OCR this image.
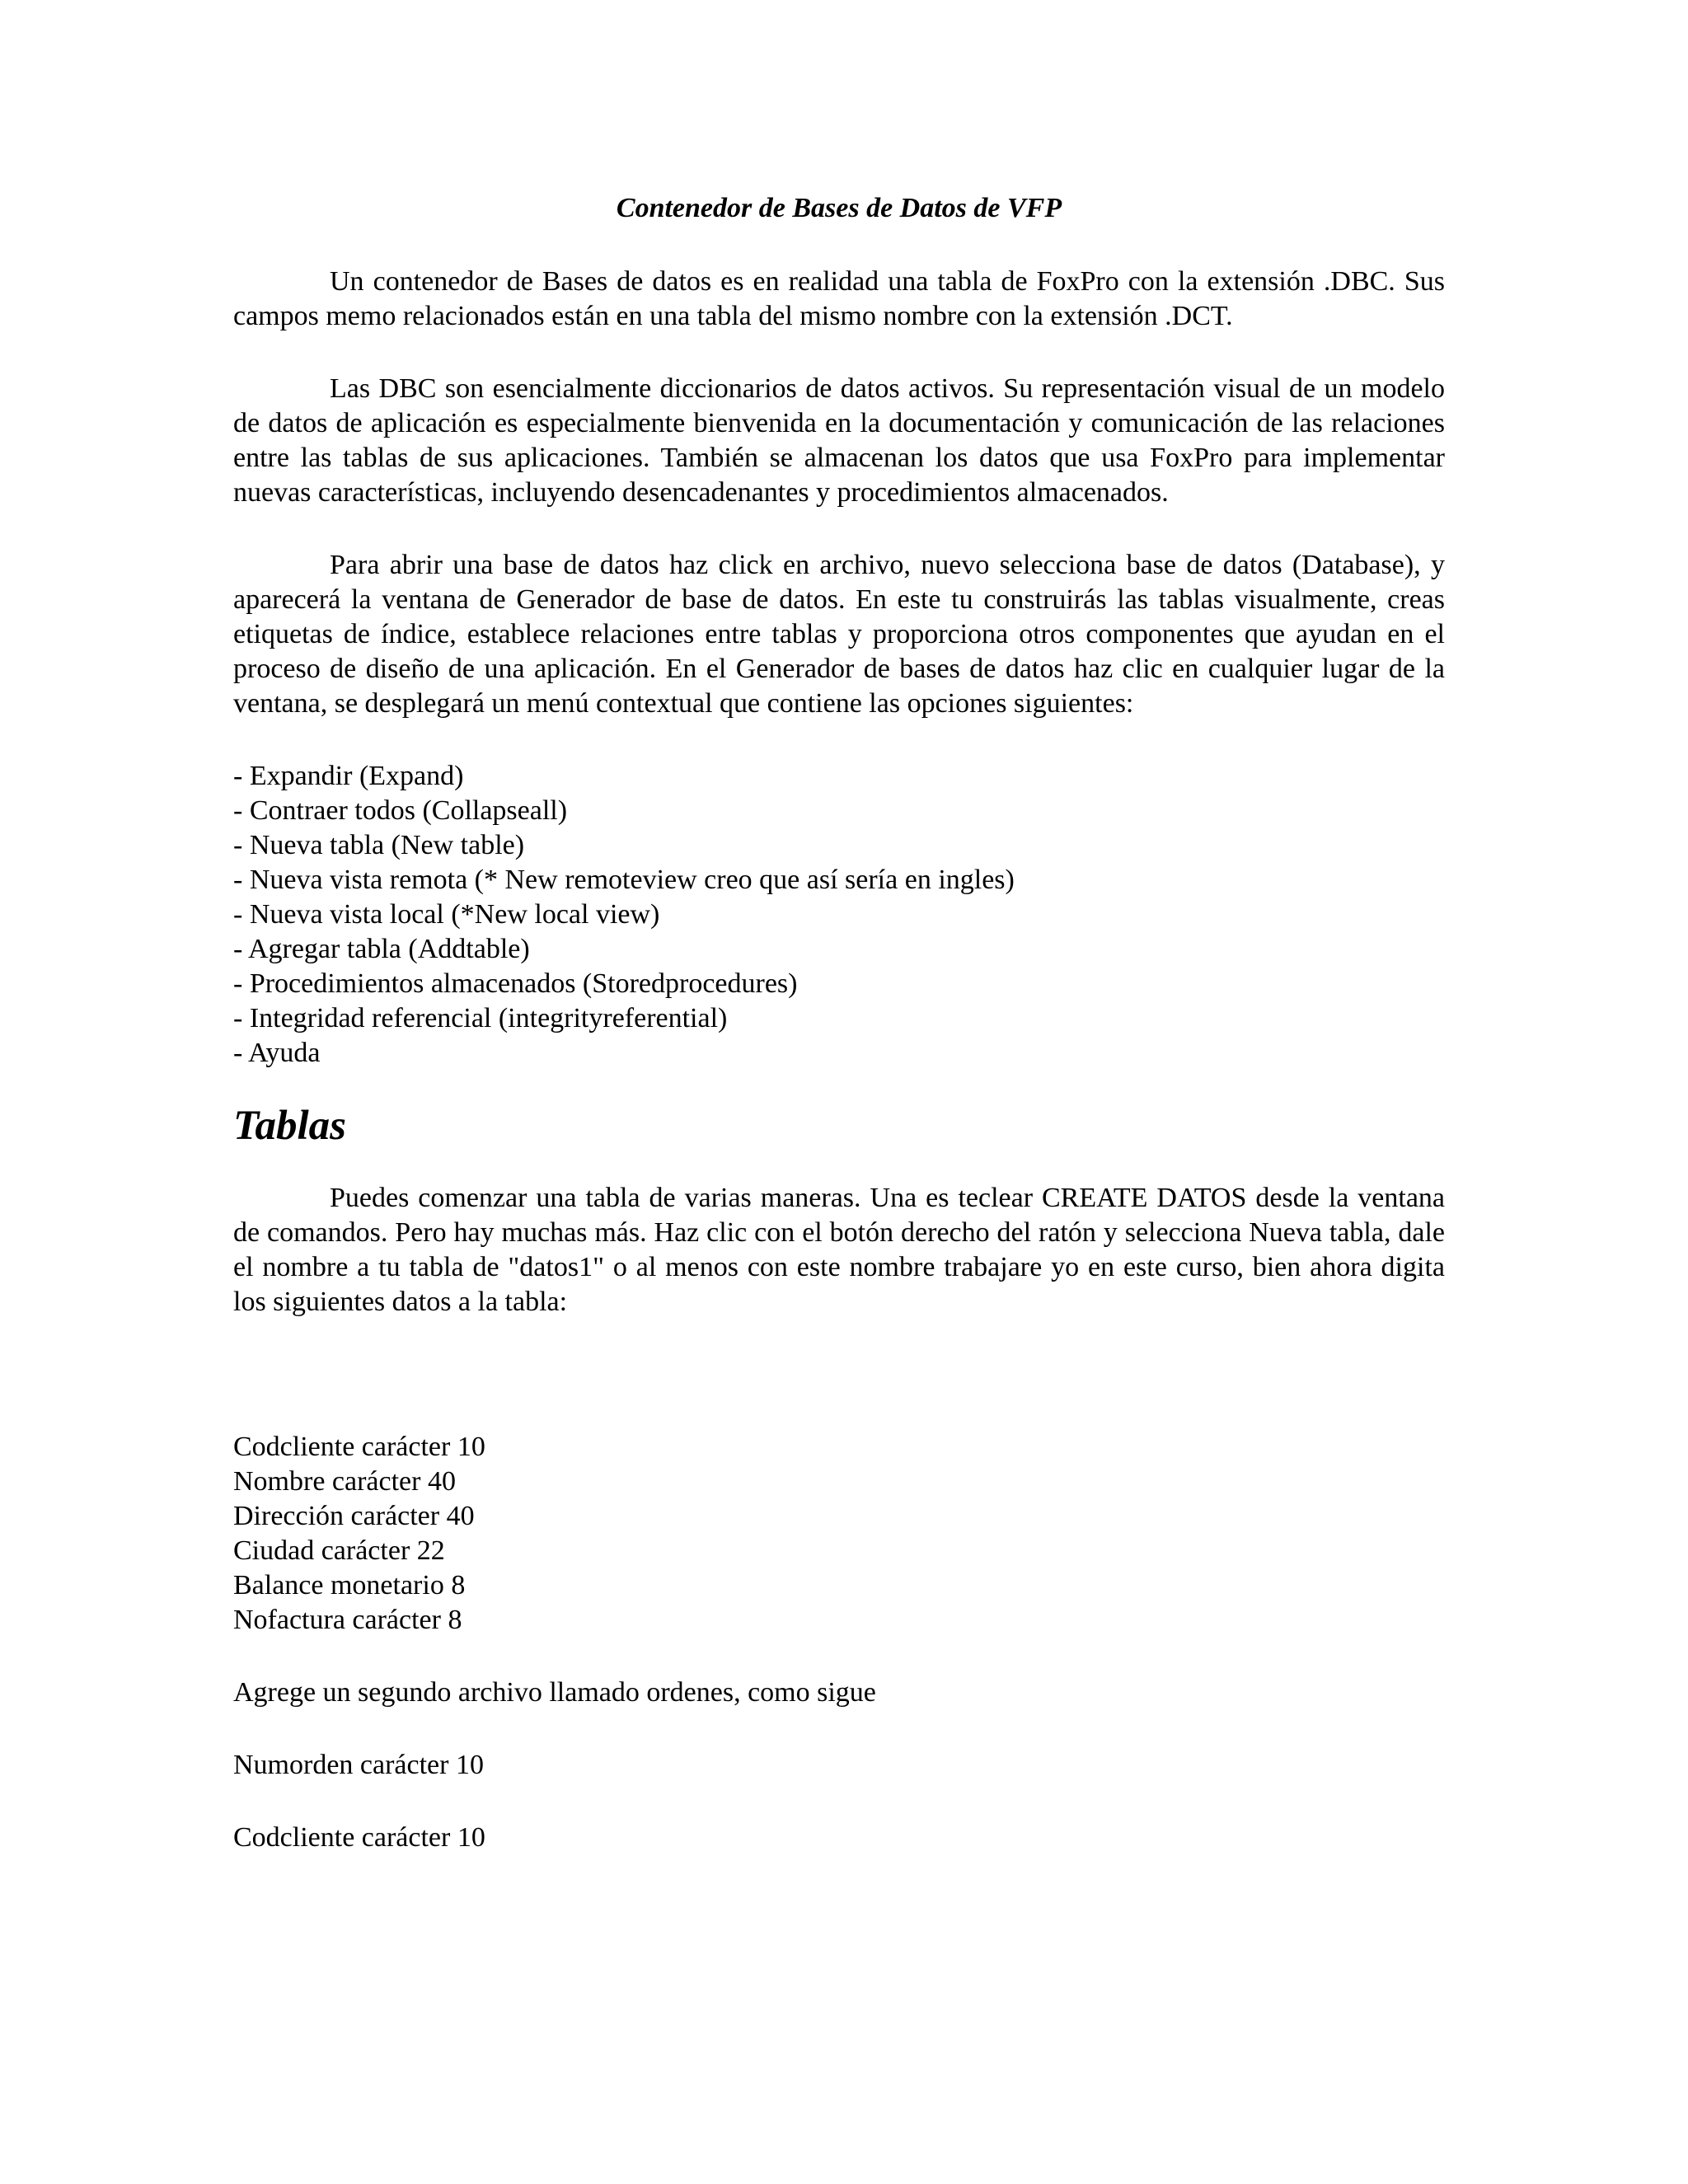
Contenedor de Bases de Datos de VFP

Un contenedor de Bases de datos es en realidad una tabla de FoxPro con la extensión .DBC. Sus campos memo relacionados están en una tabla del mismo nombre con la extensión .DCT.

Las DBC son esencialmente diccionarios de datos activos. Su representación visual de un modelo de datos de aplicación es especialmente bienvenida en la documentación y comunicación de las relaciones entre las tablas de sus aplicaciones. También se almacenan los datos que usa FoxPro para implementar nuevas características, incluyendo desencadenantes y procedimientos almacenados.

Para abrir una base de datos haz click en archivo, nuevo selecciona base de datos (Database), y aparecerá la ventana de Generador de base de datos. En este tu construirás las tablas visualmente, creas etiquetas de índice, establece relaciones entre tablas y proporciona otros componentes que ayudan en el proceso de diseño de una aplicación. En el Generador de bases de datos haz clic en cualquier lugar de la ventana, se desplegará un menú contextual que contiene las opciones siguientes:

- Expandir (Expand)
- Contraer todos (Collapseall)
- Nueva tabla (New table)
- Nueva vista remota (* New remoteview creo que así sería en ingles)
- Nueva vista local (*New local view)
- Agregar tabla (Addtable)
- Procedimientos almacenados (Storedprocedures)
- Integridad referencial (integrityreferential)
- Ayuda
Tablas

Puedes comenzar una tabla de varias maneras. Una es teclear CREATE DATOS desde la ventana de comandos. Pero hay muchas más. Haz clic con el botón derecho del ratón y selecciona Nueva tabla, dale el nombre a tu tabla de "datos1" o al menos con este nombre trabajare yo en este curso, bien ahora digita los siguientes datos a la tabla:

Codcliente carácter 10
Nombre carácter 40
Dirección carácter 40
Ciudad carácter 22
Balance monetario 8
Nofactura carácter 8

Agrege un segundo archivo llamado ordenes, como sigue

Numorden carácter 10

Codcliente carácter 10
